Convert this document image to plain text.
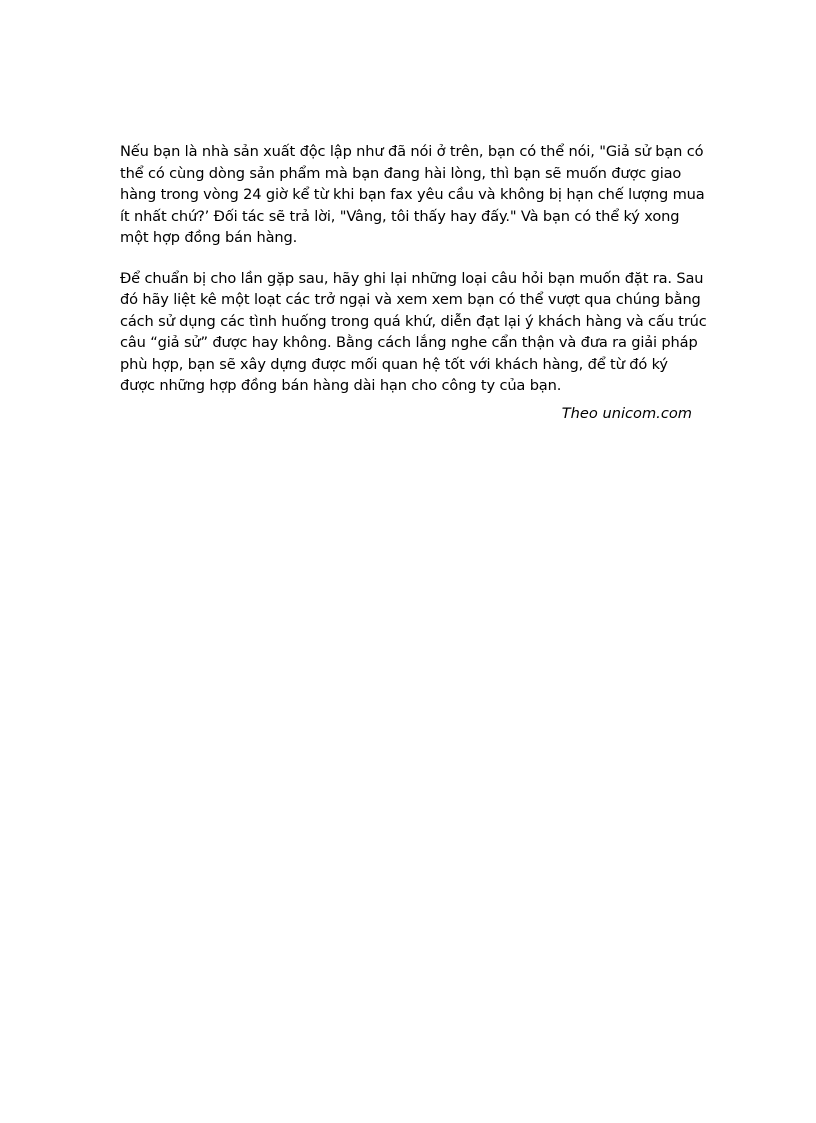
Nếu bạn là nhà sản xuất độc lập như đã nói ở trên, bạn có thể nói, "Giả sử bạn có
thể có cùng dòng sản phẩm mà bạn đang hài lòng, thì bạn sẽ muốn được giao
hàng trong vòng 24 giờ kể từ khi bạn fax yêu cầu và không bị hạn chế lượng mua
ít nhất chứ?’ Đối tác sẽ trả lời, "Vâng, tôi thấy hay đấy." Và bạn có thể ký xong
một hợp đồng bán hàng.

Để chuẩn bị cho lần gặp sau, hãy ghi lại những loại câu hỏi bạn muốn đặt ra. Sau
đó hãy liệt kê một loạt các trở ngại và xem xem bạn có thể vượt qua chúng bằng
cách sử dụng các tình huống trong quá khứ, diễn đạt lại ý khách hàng và cấu trúc
câu “giả sử” được hay không. Bằng cách lắng nghe cẩn thận và đưa ra giải pháp
phù hợp, bạn sẽ xây dựng được mối quan hệ tốt với khách hàng, để từ đó ký
được những hợp đồng bán hàng dài hạn cho công ty của bạn.

Theo unicom.com
